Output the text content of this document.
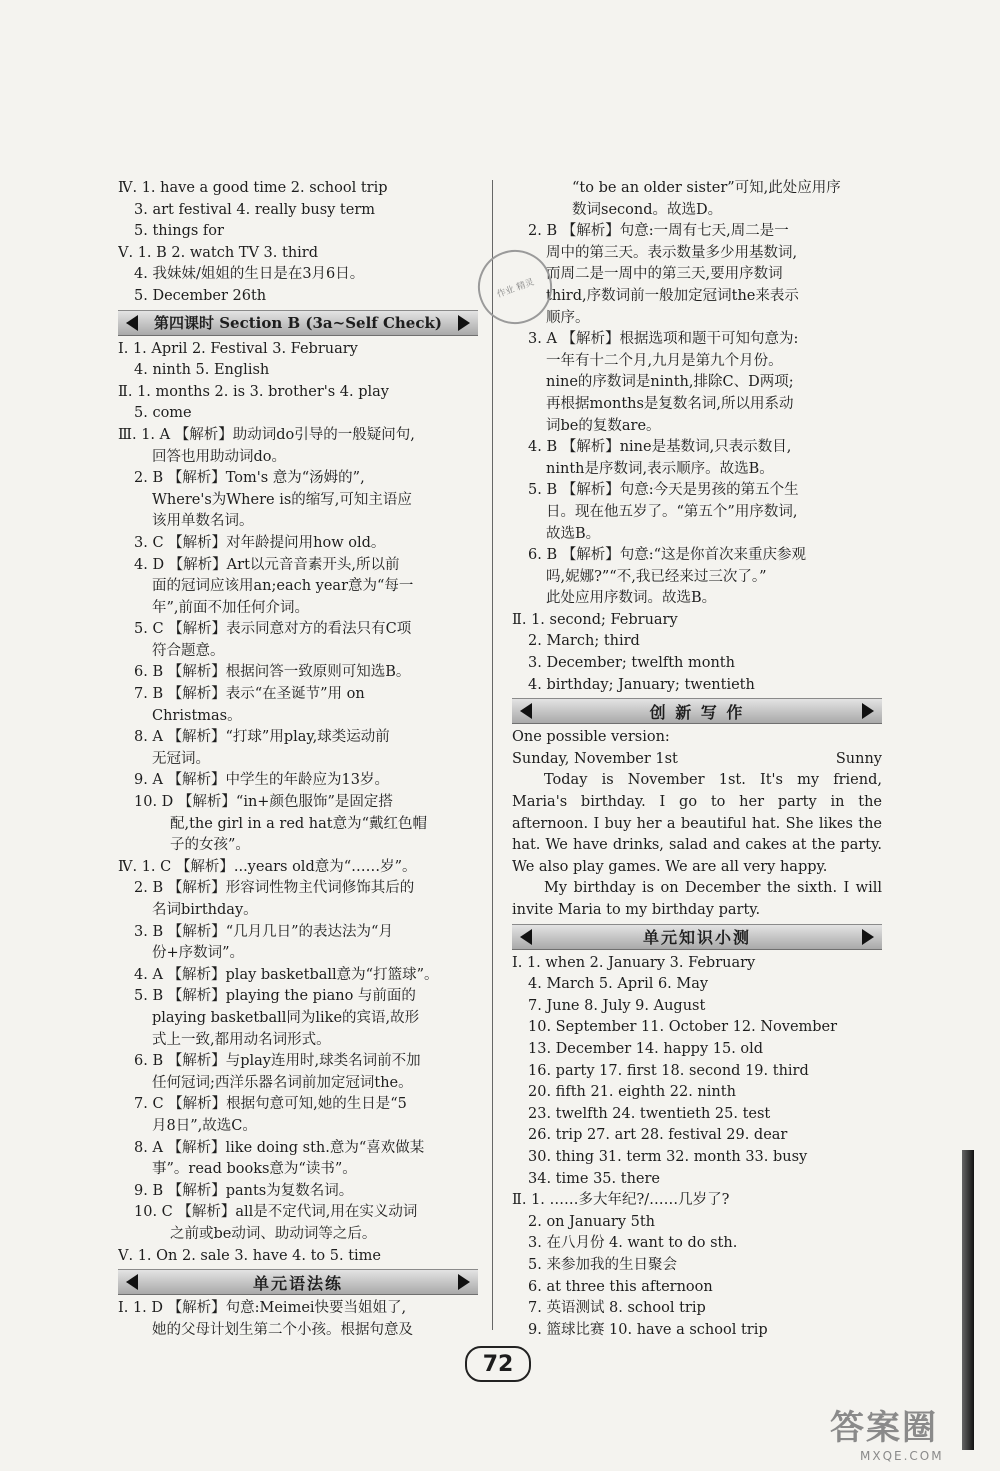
Ⅳ. 1. have a good time 2. school trip
3. art festival 4. really busy term
5. things for
Ⅴ. 1. B 2. watch TV 3. third
4. 我妹妹/姐姐的生日是在3月6日。
5. December 26th
第四课时 Section B (3a~Self Check)
Ⅰ. 1. April 2. Festival 3. February
4. ninth 5. English
Ⅱ. 1. months 2. is 3. brother's 4. play
5. come
Ⅲ. 1. A 【解析】助动词do引导的一般疑问句,
回答也用助动词do。
2. B 【解析】Tom's 意为“汤姆的”,
Where's为Where is的缩写,可知主语应
该用单数名词。
3. C 【解析】对年龄提问用how old。
4. D 【解析】Art以元音音素开头,所以前
面的冠词应该用an;each year意为“每一
年”,前面不加任何介词。
5. C 【解析】表示同意对方的看法只有C项
符合题意。
6. B 【解析】根据问答一致原则可知选B。
7. B 【解析】表示“在圣诞节”用 on
Christmas。
8. A 【解析】“打球”用play,球类运动前
无冠词。
9. A 【解析】中学生的年龄应为13岁。
10. D 【解析】“in+颜色服饰”是固定搭
配,the girl in a red hat意为“戴红色帽
子的女孩”。
Ⅳ. 1. C 【解析】...years old意为“……岁”。
2. B 【解析】形容词性物主代词修饰其后的
名词birthday。
3. B 【解析】“几月几日”的表达法为“月
份+序数词”。
4. A 【解析】play basketball意为“打篮球”。
5. B 【解析】playing the piano 与前面的
playing basketball同为like的宾语,故形
式上一致,都用动名词形式。
6. B 【解析】与play连用时,球类名词前不加
任何冠词;西洋乐器名词前加定冠词the。
7. C 【解析】根据句意可知,她的生日是“5
月8日”,故选C。
8. A 【解析】like doing sth.意为“喜欢做某
事”。read books意为“读书”。
9. B 【解析】pants为复数名词。
10. C 【解析】all是不定代词,用在实义动词
之前或be动词、助动词等之后。
Ⅴ. 1. On 2. sale 3. have 4. to 5. time
单元语法练
Ⅰ. 1. D 【解析】句意:Meimei快要当姐姐了,
她的父母计划生第二个小孩。根据句意及
“to be an older sister”可知,此处应用序
数词second。故选D。
2. B 【解析】句意:一周有七天,周二是一
周中的第三天。表示数量多少用基数词,
而周二是一周中的第三天,要用序数词
third,序数词前一般加定冠词the来表示
顺序。
3. A 【解析】根据选项和题干可知句意为:
一年有十二个月,九月是第九个月份。
nine的序数词是ninth,排除C、D两项;
再根据months是复数名词,所以用系动
词be的复数are。
4. B 【解析】nine是基数词,只表示数目,
ninth是序数词,表示顺序。故选B。
5. B 【解析】句意:今天是男孩的第五个生
日。现在他五岁了。“第五个”用序数词,
故选B。
6. B 【解析】句意:“这是你首次来重庆参观
吗,妮娜?”“不,我已经来过三次了。”
此处应用序数词。故选B。
Ⅱ. 1. second; February
2. March; third
3. December; twelfth month
4. birthday; January; twentieth
创 新 写 作
One possible version:
Sunday, November 1st	Sunny
Today is November 1st. It's my friend, Maria's birthday. I go to her party in the afternoon. I buy her a beautiful hat. She likes the hat. We have drinks, salad and cakes at the party. We also play games. We are all very happy.
My birthday is on December the sixth. I will invite Maria to my birthday party.
单元知识小测
Ⅰ. 1. when 2. January 3. February
4. March 5. April 6. May
7. June 8. July 9. August
10. September 11. October 12. November
13. December 14. happy 15. old
16. party 17. first 18. second 19. third
20. fifth 21. eighth 22. ninth
23. twelfth 24. twentieth 25. test
26. trip 27. art 28. festival 29. dear
30. thing 31. term 32. month 33. busy
34. time 35. there
Ⅱ. 1. ……多大年纪?/……几岁了?
2. on January 5th
3. 在八月份 4. want to do sth.
5. 来参加我的生日聚会
6. at three this afternoon
7. 英语测试 8. school trip
9. 篮球比赛 10. have a school trip
作业 精灵
72
答案圈
MXQE.COM
